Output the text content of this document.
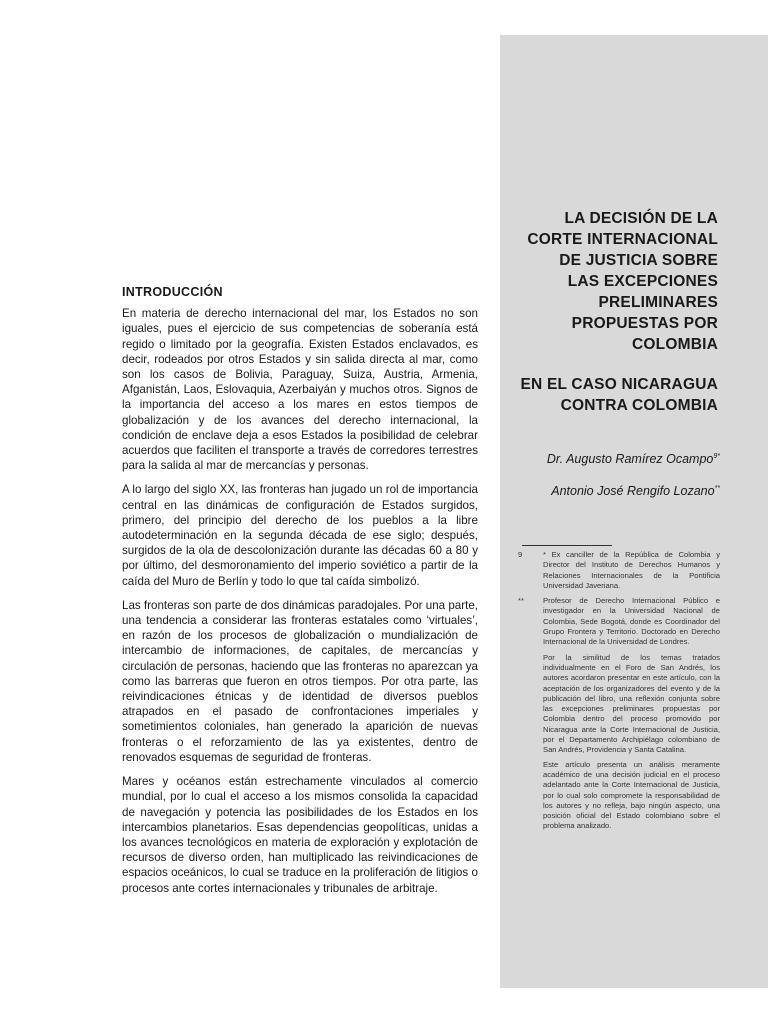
LA DECISIÓN DE LA
CORTE INTERNACIONAL
DE JUSTICIA SOBRE
LAS EXCEPCIONES
PRELIMINARES
PROPUESTAS POR
COLOMBIA
EN EL CASO NICARAGUA
CONTRA COLOMBIA
Dr. Augusto Ramírez Ocampo$^{9*}$
Antonio José Rengifo Lozano**
9	* Ex canciller de la República de Colombia y Director del Instituto de Derechos Humanos y Relaciones Internacionales de la Pontificia Universidad Javeriana.
**	Profesor de Derecho Internacional Público e investigador en la Universidad Nacional de Colombia, Sede Bogotá, donde es Coordinador del Grupo Frontera y Territorio. Doctorado en Derecho Internacional de la Universidad de Londres.
Por la similitud de los temas tratados individualmente en el Foro de San Andrés, los autores acordaron presentar en este artículo, con la aceptación de los organizadores del evento y de la publicación del libro, una reflexión conjunta sobre las excepciones preliminares propuestas por Colombia dentro del proceso promovido por Nicaragua ante la Corte Internacional de Justicia, por el Departamento Archipiélago colombiano de San Andrés, Providencia y Santa Catalina.
Este artículo presenta un análisis meramente académico de una decisión judicial en el proceso adelantado ante la Corte Internacional de Justicia, por lo cual solo compromete la responsabilidad de los autores y no refleja, bajo ningún aspecto, una posición oficial del Estado colombiano sobre el problema analizado.
INTRODUCCIÓN

En materia de derecho internacional del mar, los Estados no son iguales, pues el ejercicio de sus competencias de soberanía está regido o limitado por la geografía. Existen Estados enclavados, es decir, rodeados por otros Estados y sin salida directa al mar, como son los casos de Bolivia, Paraguay, Suiza, Austria, Armenia, Afganistán, Laos, Eslovaquia, Azerbaiyán y muchos otros. Signos de la importancia del acceso a los mares en estos tiempos de globalización y de los avances del derecho internacional, la condición de enclave deja a esos Estados la posibilidad de celebrar acuerdos que faciliten el transporte a través de corredores terrestres para la salida al mar de mercancías y personas.

A lo largo del siglo XX, las fronteras han jugado un rol de importancia central en las dinámicas de configuración de Estados surgidos, primero, del principio del derecho de los pueblos a la libre autodeterminación en la segunda década de ese siglo; después, surgidos de la ola de descolonización durante las décadas 60 a 80 y por último, del desmoronamiento del imperio soviético a partir de la caída del Muro de Berlín y todo lo que tal caída simbolizó.

Las fronteras son parte de dos dinámicas paradojales. Por una parte, una tendencia a considerar las fronteras estatales como ‘virtuales’, en razón de los procesos de globalización o mundialización de intercambio de informaciones, de capitales, de mercancías y circulación de personas, haciendo que las fronteras no aparezcan ya como las barreras que fueron en otros tiempos. Por otra parte, las reivindicaciones étnicas y de identidad de diversos pueblos atrapados en el pasado de confrontaciones imperiales y sometimientos coloniales, han generado la aparición de nuevas fronteras o el reforzamiento de las ya existentes, dentro de renovados esquemas de seguridad de fronteras.

Mares y océanos están estrechamente vinculados al comercio mundial, por lo cual el acceso a los mismos consolida la capacidad de navegación y potencia las posibilidades de los Estados en los intercambios planetarios. Esas dependencias geopolíticas, unidas a los avances tecnológicos en materia de exploración y explotación de recursos de diverso orden, han multiplicado las reivindicaciones de espacios oceánicos, lo cual se traduce en la proliferación de litigios o procesos ante cortes internacionales y tribunales de arbitraje.
